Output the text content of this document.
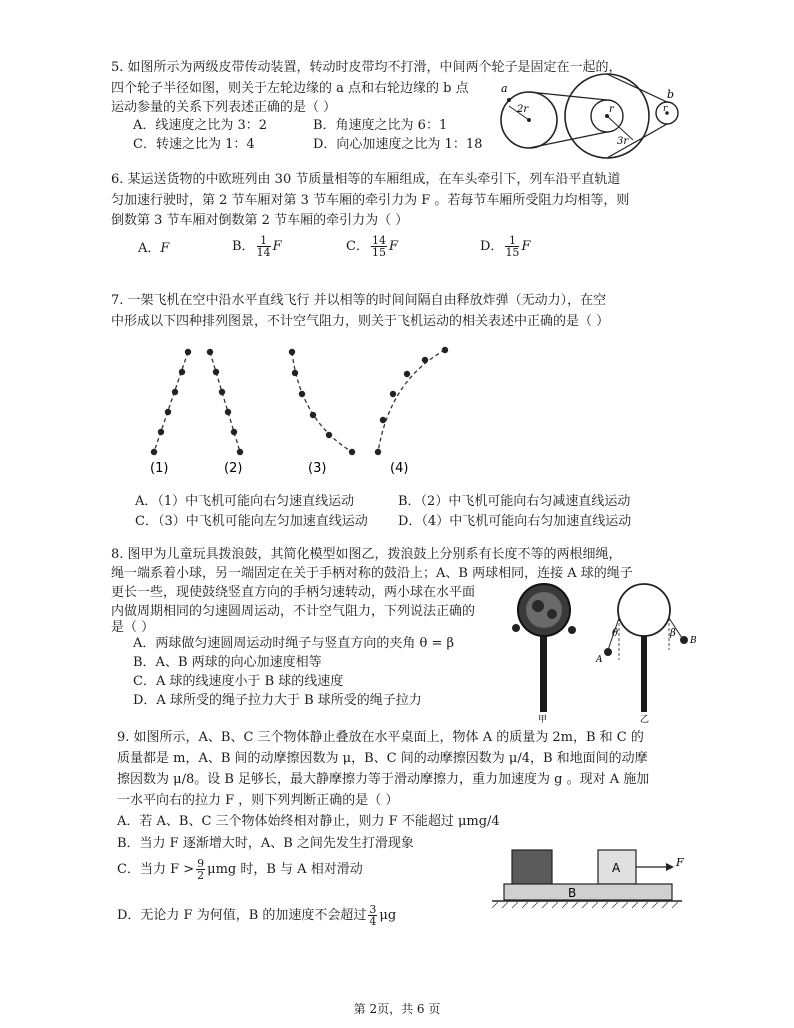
5. 如图所示为两级皮带传动装置，转动时皮带均不打滑，中间两个轮子是固定在一起的，
四个轮子半径如图，则关于左轮边缘的 a 点和右轮边缘的 b 点
运动参量的关系下列表述正确的是（ ）
A．线速度之比为 3：2	B．角速度之比为 6：1
C．转速之比为 1：4	D．向心加速度之比为 1：18
a
2r	r
3r
r
b
6. 某运送货物的中欧班列由 30 节质量相等的车厢组成，在车头牵引下，列车沿平直轨道
匀加速行驶时，第 2 节车厢对第 3 节车厢的牵引力为 F 。若每节车厢所受阻力均相等，则
倒数第 3 节车厢对倒数第 2 节车厢的牵引力为（ ）
A．F	B． $\frac{1}{14}$ F	C． $\frac{14}{15}$ F	D． $\frac{1}{15}$ F
7. 一架飞机在空中沿水平直线飞行 并以相等的时间间隔自由释放炸弹（无动力），在空
中形成以下四种排列图景，不计空气阻力，则关于飞机运动的相关表述中正确的是（ ）
(1)	(2)	(3)	(4)
A．（1）中飞机可能向右匀速直线运动	B．（2）中飞机可能向右匀减速直线运动
C．（3）中飞机可能向左匀加速直线运动 D．（4）中飞机可能向右匀加速直线运动
8. 图甲为儿童玩具拨浪鼓，其简化模型如图乙，拨浪鼓上分别系有长度不等的两根细绳，
绳一端系着小球，另一端固定在关于手柄对称的鼓沿上；A、B 两球相同，连接 A 球的绳子
更长一些，现使鼓绕竖直方向的手柄匀速转动，两小球在水平面
内做周期相同的匀速圆周运动，不计空气阻力，下列说法正确的
是（ ）
A．两球做匀速圆周运动时绳子与竖直方向的夹角 θ = β
B．A、B 两球的向心加速度相等
C．A 球的线速度小于 B 球的线速度
D．A 球所受的绳子拉力大于 B 球所受的绳子拉力
甲
θ	β
A
B
乙
9. 如图所示，A、B、C 三个物体静止叠放在水平桌面上，物体 A 的质量为 2m，B 和 C 的
质量都是 m，A、B 间的动摩擦因数为 μ，B、C 间的动摩擦因数为 μ/4，B 和地面间的动摩
擦因数为 μ/8。设 B 足够长，最大静摩擦力等于滑动摩擦力，重力加速度为 g 。现对 A 施加
一水平向右的拉力 F ，则下列判断正确的是（ ）
A．若 A、B、C 三个物体始终相对静止，则力 F 不能超过 μmg/4
B．当力 F 逐渐增大时，A、B 之间先发生打滑现象
C．当力 $F > \frac{9}{2}$ μmg 时，B 与 A 相对滑动
D．无论力 F 为何值，B 的加速度不会超过 $\frac{3}{4}$ μg
A
B
F
第 2页，共 6 页
